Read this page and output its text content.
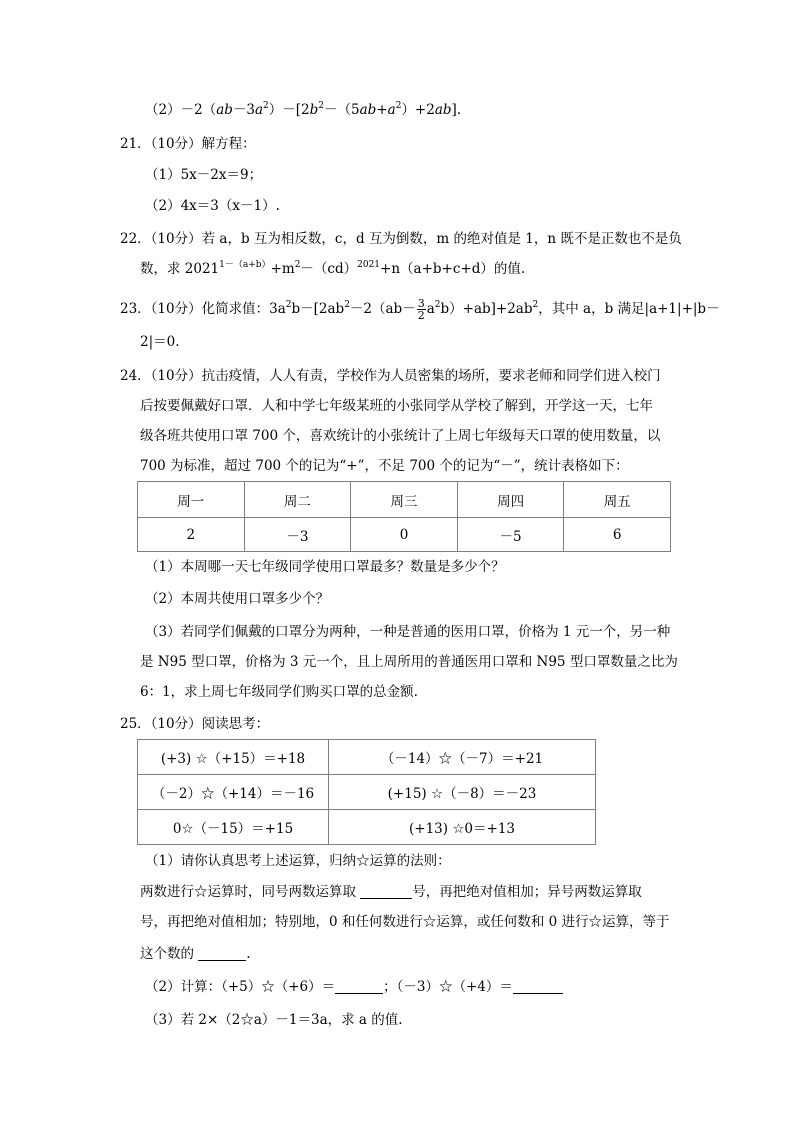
$(2)-2(ab-3a^2)-[2b^2-(5ab+a^2)+2ab]$.
21．（10分）解方程：
（1）5x－2x＝9；
（2）4x＝3（x－1）.
22．（10分）若 a，b 互为相反数，c，d 互为倒数，m 的绝对值是 1，n 既不是正数也不是负
数，求 $2021^{1-(a+b)}+m^2-(cd)^{2021}+n(a+b+c+d)$的值.
23．（10分）化简求值：$3a^2b-[2ab^2-2(ab- \frac{3}{2} a^2b)+ab]+2ab^2$，其中 a，b 满足|a+1|+|b－
2|＝0.
24．（10分）抗击疫情，人人有责，学校作为人员密集的场所，要求老师和同学们进入校门
后按要佩戴好口罩．人和中学七年级某班的小张同学从学校了解到，开学这一天，七年
级各班共使用口罩 700 个，喜欢统计的小张统计了上周七年级每天口罩的使用数量，以
700 为标准，超过 700 个的记为“+”，不足 700 个的记为“－”，统计表格如下：
周一	周二	周三	周四	周五
2	－3	0	－5	6
（1）本周哪一天七年级同学使用口罩最多？数量是多少个？
（2）本周共使用口罩多少个？
（3）若同学们佩戴的口罩分为两种，一种是普通的医用口罩，价格为 1 元一个，另一种
是 N95 型口罩，价格为 3 元一个，且上周所用的普通医用口罩和 N95 型口罩数量之比为
6：1，求上周七年级同学们购买口罩的总金额.
25．（10分）阅读思考：
(+3) ☆（+15）＝+18	（－14）☆（－7）＝+21
（－2）☆（+14）＝－16	(+15) ☆（－8）＝－23
0☆（－15）＝+15	(+13) ☆0＝+13
（1）请你认真思考上述运算，归纳☆运算的法则：
两数进行☆运算时，同号两数运算取	号，再把绝对值相加；异号两数运算取
号，再把绝对值相加；特别地，0 和任何数进行☆运算，或任何数和 0 进行☆运算，等于
这个数的	.
（2）计算：（+5）☆（+6）＝	；（－3）☆（+4）＝
（3）若 2×（2☆a）－1＝3a，求 a 的值.
